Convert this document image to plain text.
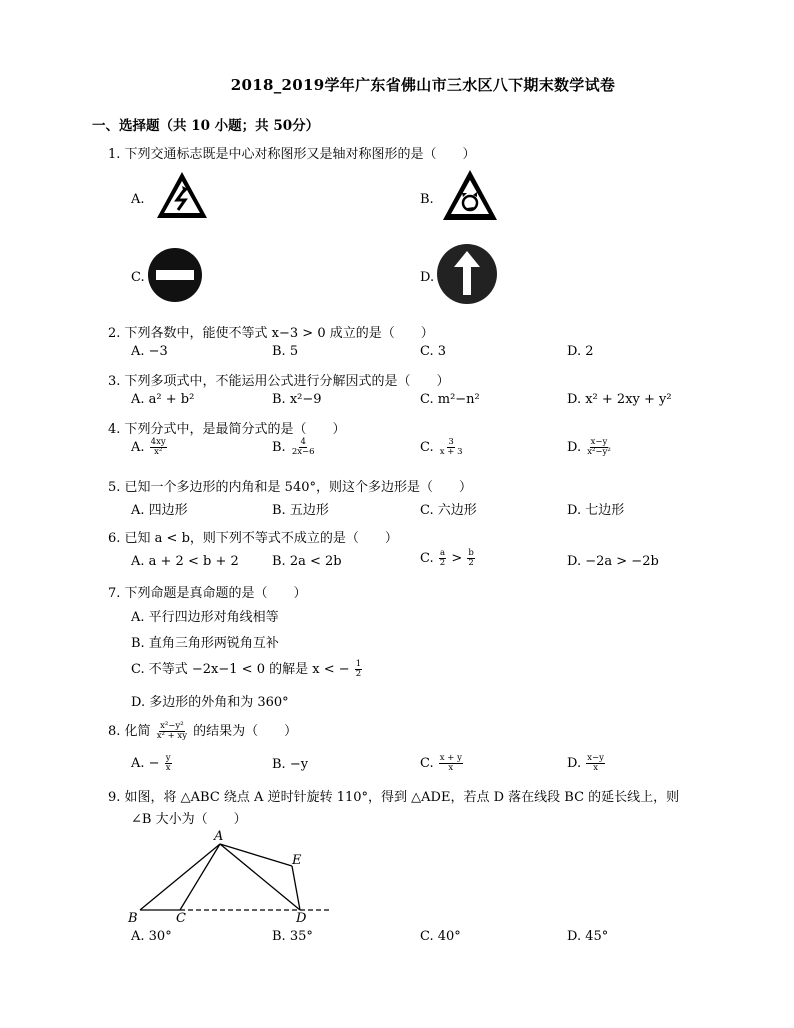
2018_2019学年广东省佛山市三水区八下期末数学试卷
一、选择题（共 10 小题；共 50分）
1. 下列交通标志既是中心对称图形又是轴对称图形的是（　　）
A.	B.
C.	D.
2. 下列各数中，能使不等式 x−3 > 0 成立的是（　　）
A. −3	B. 5	C. 3	D. 2
3. 下列多项式中，不能运用公式进行分解因式的是（　　）
A. a² + b²	B. x²−9	C. m²−n²	D. x² + 2xy + y²
4. 下列分式中，是最简分式的是（　　）
A. $\frac{4xy}{\text{x²}}$	B. $\frac{4}{2x-6}$	C. $\frac{3}{x + 3}$	D. $\frac{x-y}{\text{x²−y²}}$
5. 已知一个多边形的内角和是 540°，则这个多边形是（　　）
A. 四边形	B. 五边形	C. 六边形	D. 七边形
6. 已知 a < b，则下列不等式不成立的是（　　）
A. a + 2 < b + 2	B. 2a < 2b	C. $\frac{a}{2} > \frac{b}{2}$	D. −2a > −2b
7. 下列命题是真命题的是（　　）
A. 平行四边形对角线相等
B. 直角三角形两锐角互补
C. 不等式 −2x−1 < 0 的解是 x < − $\frac{1}{2}$
D. 多边形的外角和为 360°
8. 化简 $\frac{\text{x²−y²}}{\text{x² + xy}}$ 的结果为（　　）
A. − $\frac{y}{x}$	B. −y	C. $\frac{x + y}{x}$	D. $\frac{x-y}{x}$
9. 如图，将 △ABC 绕点 A 逆时针旋转 110°，得到 △ADE，若点 D 落在线段 BC 的延长线上，则
∠B 大小为（　　）
A
B	C	D
E
A. 30°	B. 35°	C. 40°	D. 45°
